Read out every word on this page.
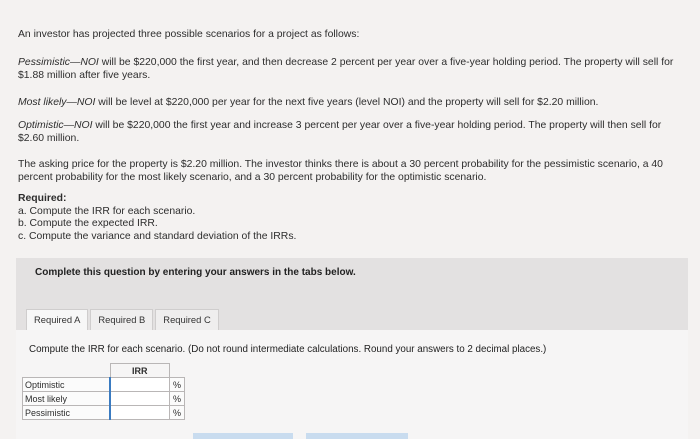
An investor has projected three possible scenarios for a project as follows:
Pessimistic—NOI will be $220,000 the first year, and then decrease 2 percent per year over a five-year holding period. The property will sell for $1.88 million after five years.
Most likely—NOI will be level at $220,000 per year for the next five years (level NOI) and the property will sell for $2.20 million.
Optimistic—NOI will be $220,000 the first year and increase 3 percent per year over a five-year holding period. The property will then sell for $2.60 million.
The asking price for the property is $2.20 million. The investor thinks there is about a 30 percent probability for the pessimistic scenario, a 40 percent probability for the most likely scenario, and a 30 percent probability for the optimistic scenario.
Required:
a. Compute the IRR for each scenario.
b. Compute the expected IRR.
c. Compute the variance and standard deviation of the IRRs.
Complete this question by entering your answers in the tabs below.
Required A	Required B	Required C
Compute the IRR for each scenario. (Do not round intermediate calculations. Round your answers to 2 decimal places.)
	IRR	
Optimistic		%
Most likely		%
Pessimistic		%
